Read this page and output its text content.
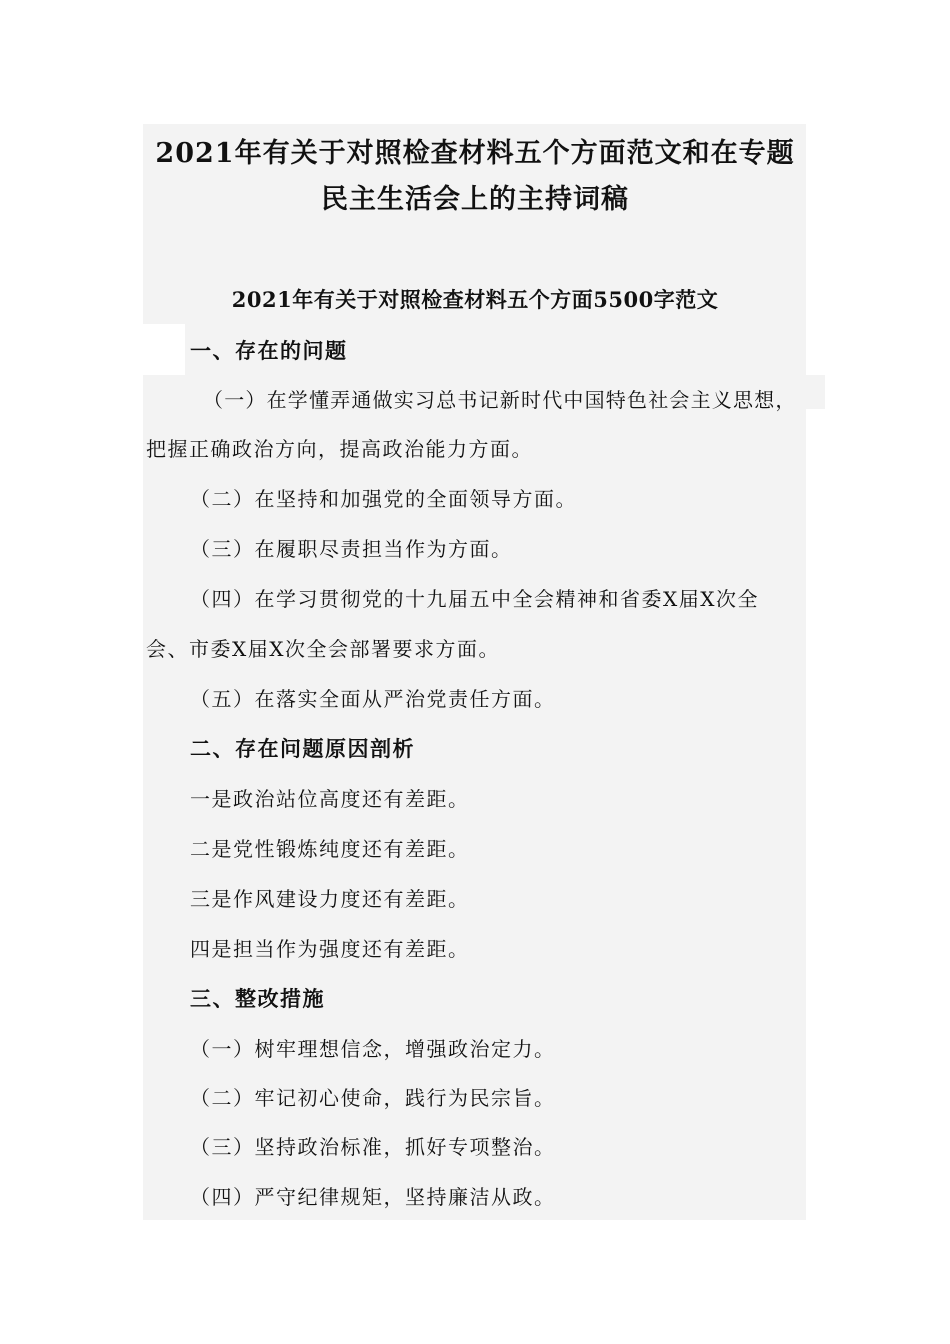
2021年有关于对照检查材料五个方面范文和在专题
民主生活会上的主持词稿
2021年有关于对照检查材料五个方面5500字范文
一、存在的问题
（一）在学懂弄通做实习总书记新时代中国特色社会主义思想，
把握正确政治方向，提高政治能力方面。
（二）在坚持和加强党的全面领导方面。
（三）在履职尽责担当作为方面。
（四）在学习贯彻党的十九届五中全会精神和省委X届X次全
会、市委X届X次全会部署要求方面。
（五）在落实全面从严治党责任方面。
二、存在问题原因剖析
一是政治站位高度还有差距。
二是党性锻炼纯度还有差距。
三是作风建设力度还有差距。
四是担当作为强度还有差距。
三、整改措施
（一）树牢理想信念，增强政治定力。
（二）牢记初心使命，践行为民宗旨。
（三）坚持政治标准，抓好专项整治。
（四）严守纪律规矩，坚持廉洁从政。
